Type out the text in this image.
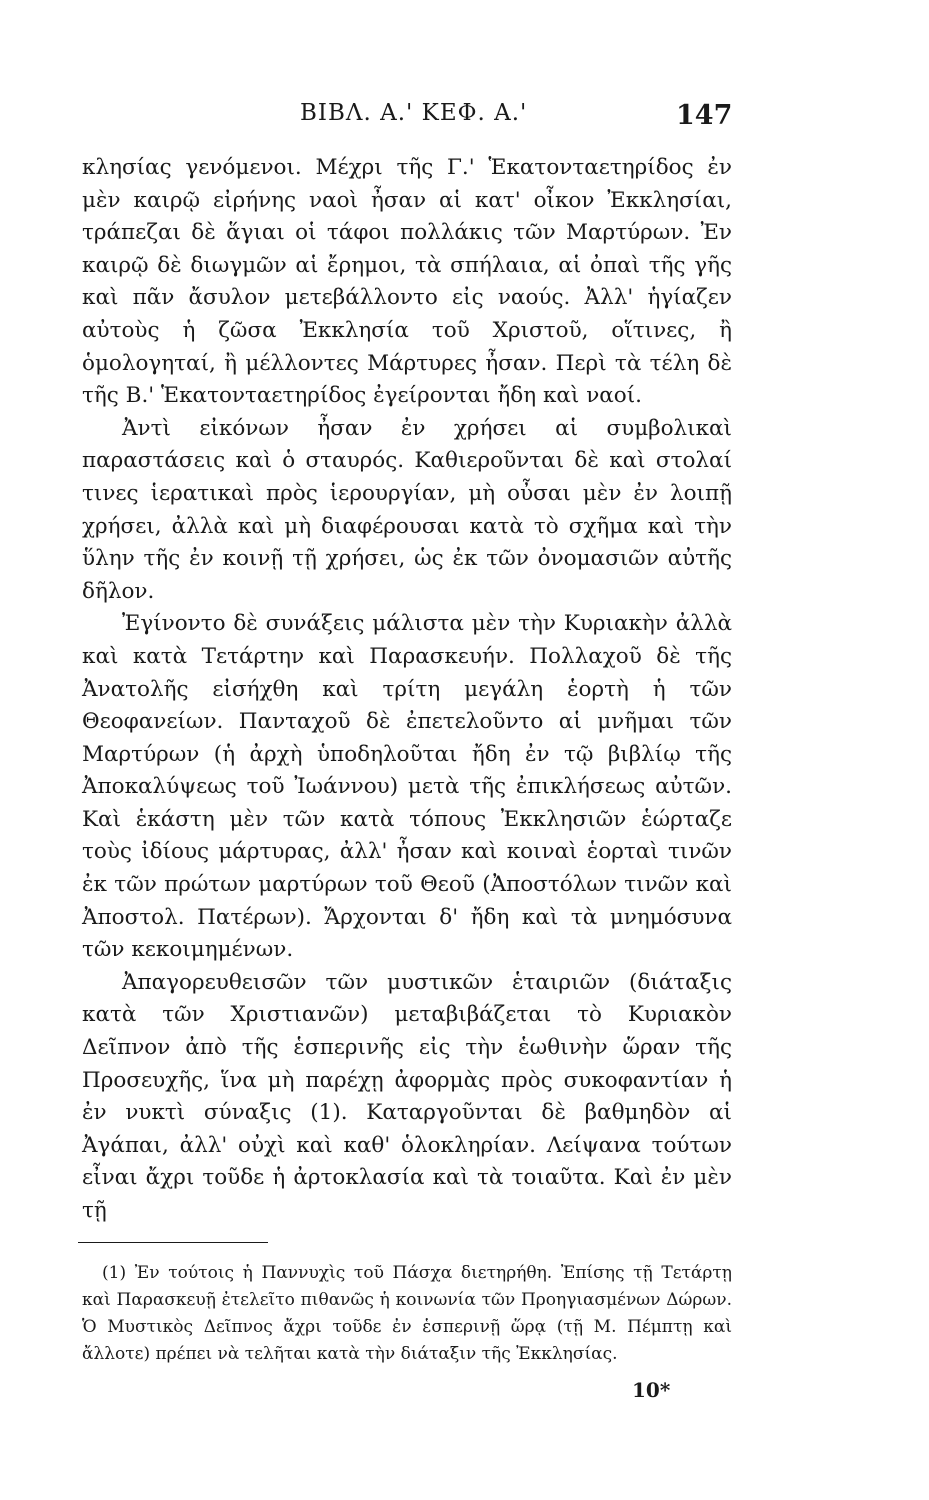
ΒΙΒΛ. Α.' ΚΕΦ. Α.'	147

κλησίας γενόμενοι. Μέχρι τῆς Γ.' Ἑκατονταετηρίδος ἐν μὲν καιρῷ εἰρήνης ναοὶ ἦσαν αἱ κατ' οἶκον Ἐκκλησίαι, τράπεζαι δὲ ἅγιαι οἱ τάφοι πολλάκις τῶν Μαρτύρων. Ἐν καιρῷ δὲ διωγμῶν αἱ ἔρημοι, τὰ σπήλαια, αἱ ὀπαὶ τῆς γῆς καὶ πᾶν ἄσυλον μετεβάλλοντο εἰς ναούς. Ἀλλ' ἡγίαζεν αὐτοὺς ἡ ζῶσα Ἐκκλησία τοῦ Χριστοῦ, οἵτινες, ἢ ὁμολογηταί, ἢ μέλλοντες Μάρτυρες ἦσαν. Περὶ τὰ τέλη δὲ τῆς Β.' Ἑκατονταετηρίδος ἐγείρονται ἤδη καὶ ναοί.

Ἀντὶ εἰκόνων ἦσαν ἐν χρήσει αἱ συμβολικαὶ παραστάσεις καὶ ὁ σταυρός. Καθιεροῦνται δὲ καὶ στολαί τινες ἱερατικαὶ πρὸς ἱερουργίαν, μὴ οὖσαι μὲν ἐν λοιπῇ χρήσει, ἀλλὰ καὶ μὴ διαφέρουσαι κατὰ τὸ σχῆμα καὶ τὴν ὕλην τῆς ἐν κοινῇ τῇ χρήσει, ὡς ἐκ τῶν ὀνομασιῶν αὐτῆς δῆλον.

Ἐγίνοντο δὲ συνάξεις μάλιστα μὲν τὴν Κυριακὴν ἀλλὰ καὶ κατὰ Τετάρτην καὶ Παρασκευήν. Πολλαχοῦ δὲ τῆς Ἀνατολῆς εἰσήχθη καὶ τρίτη μεγάλη ἑορτὴ ἡ τῶν Θεοφανείων. Πανταχοῦ δὲ ἐπετελοῦντο αἱ μνῆμαι τῶν Μαρτύρων (ἡ ἀρχὴ ὑποδηλοῦται ἤδη ἐν τῷ βιβλίῳ τῆς Ἀποκαλύψεως τοῦ Ἰωάννου) μετὰ τῆς ἐπικλήσεως αὐτῶν. Καὶ ἑκάστη μὲν τῶν κατὰ τόπους Ἐκκλησιῶν ἑώρταζε τοὺς ἰδίους μάρτυρας, ἀλλ' ἦσαν καὶ κοιναὶ ἑορταὶ τινῶν ἐκ τῶν πρώτων μαρτύρων τοῦ Θεοῦ (Ἀποστόλων τινῶν καὶ Ἀποστολ. Πατέρων). Ἄρχονται δ' ἤδη καὶ τὰ μνημόσυνα τῶν κεκοιμημένων.

Ἀπαγορευθεισῶν τῶν μυστικῶν ἑταιριῶν (διάταξις κατὰ τῶν Χριστιανῶν) μεταβιβάζεται τὸ Κυριακὸν Δεῖπνον ἀπὸ τῆς ἑσπερινῆς εἰς τὴν ἑωθινὴν ὥραν τῆς Προσευχῆς, ἵνα μὴ παρέχῃ ἀφορμὰς πρὸς συκοφαντίαν ἡ ἐν νυκτὶ σύναξις (1). Καταργοῦνται δὲ βαθμηδὸν αἱ Ἀγάπαι, ἀλλ' οὐχὶ καὶ καθ' ὁλοκληρίαν. Λείψανα τούτων εἶναι ἄχρι τοῦδε ἡ ἀρτοκλασία καὶ τὰ τοιαῦτα. Καὶ ἐν μὲν τῇ

(1) Ἐν τούτοις ἡ Παννυχὶς τοῦ Πάσχα διετηρήθη. Ἐπίσης τῇ Τετάρτῃ καὶ Παρασκευῇ ἐτελεῖτο πιθανῶς ἡ κοινωνία τῶν Προηγιασμένων Δώρων. Ὁ Μυστικὸς Δεῖπνος ἄχρι τοῦδε ἐν ἑσπερινῇ ὥρᾳ (τῇ Μ. Πέμπτῃ καὶ ἄλλοτε) πρέπει νὰ τελῆται κατὰ τὴν διάταξιν τῆς Ἐκκλησίας.

10*
